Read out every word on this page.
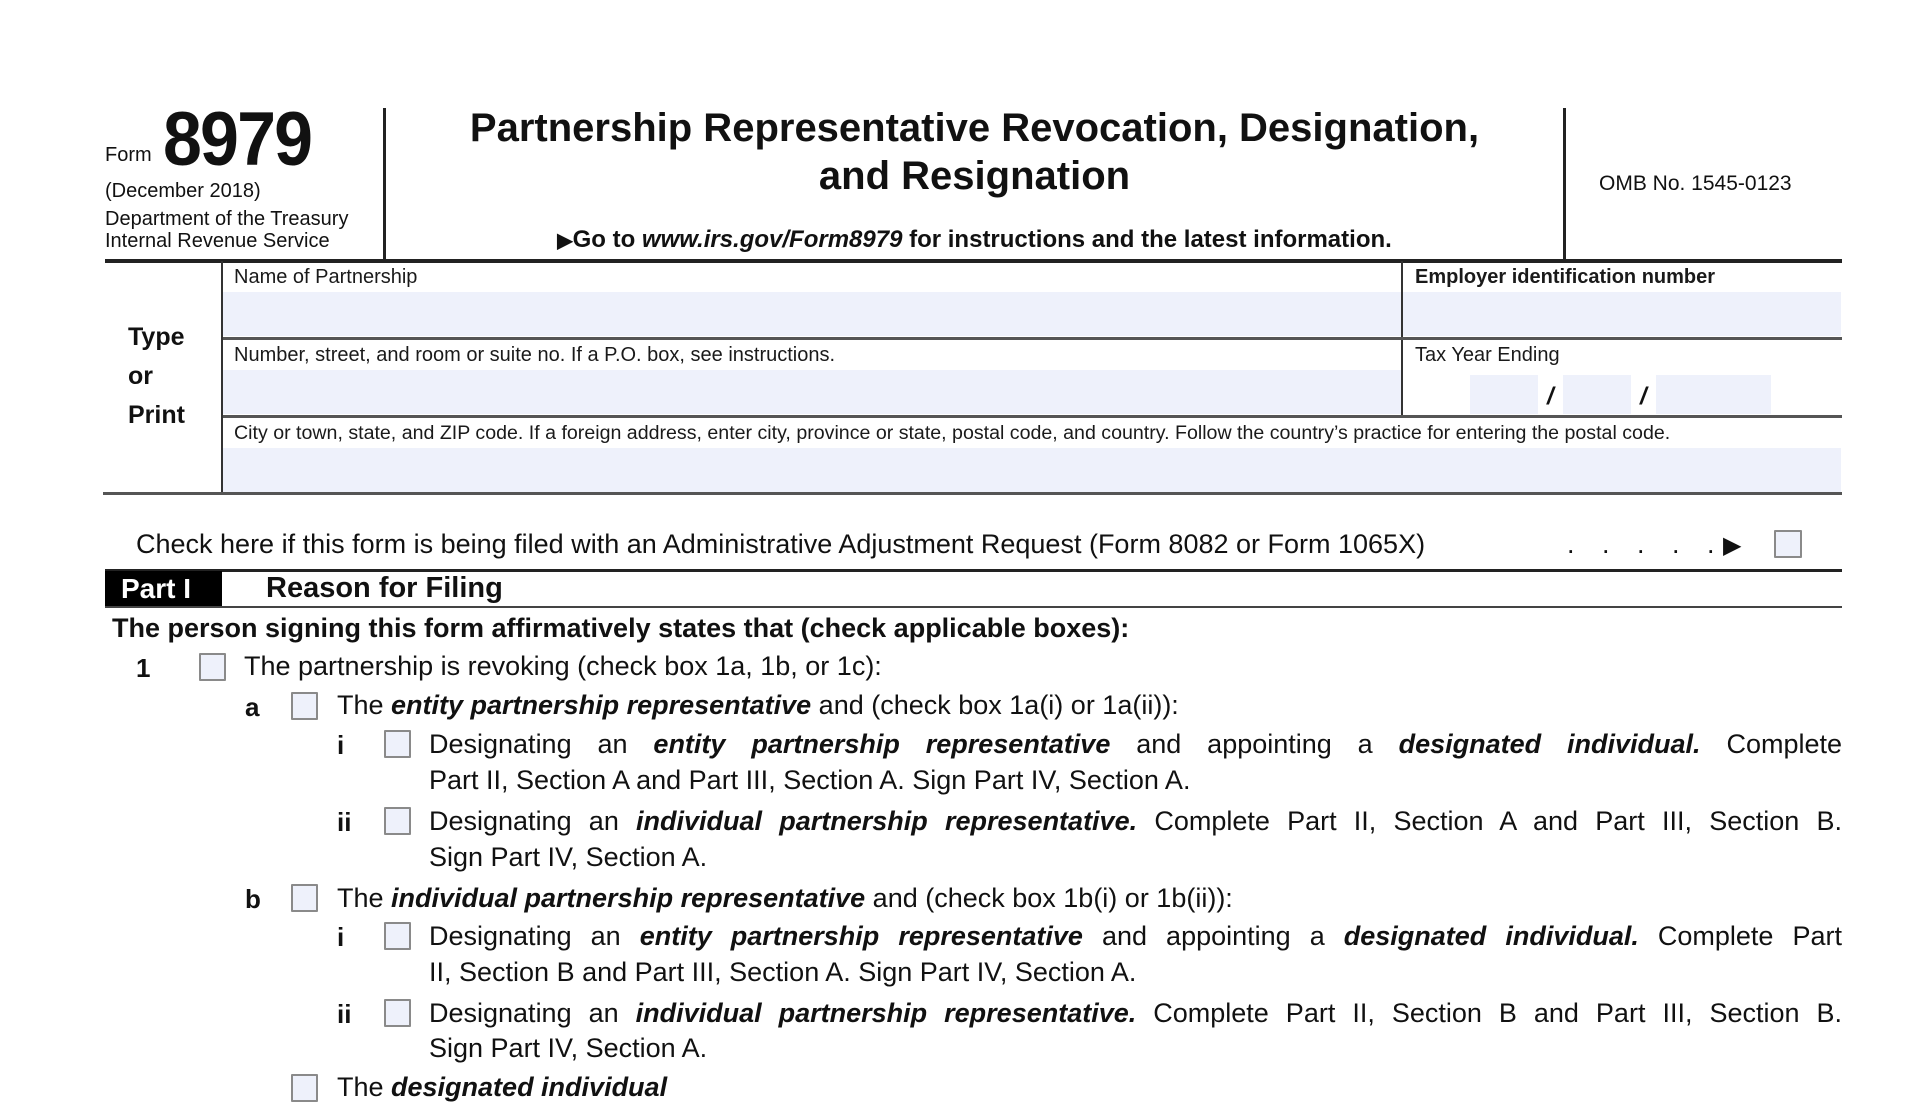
Form 8979
(December 2018)
Department of the Treasury
Internal Revenue Service
Partnership Representative Revocation, Designation,
and Resignation
▶Go to www.irs.gov/Form8979 for instructions and the latest information.
OMB No. 1545-0123
Type
or
Print
Name of Partnership	Employer identification number
Number, street, and room or suite no. If a P.O. box, see instructions.	Tax Year Ending
/	/
City or town, state, and ZIP code. If a foreign address, enter city, province or state, postal code, and country. Follow the country’s practice for entering the postal code.
Check here if this form is being filed with an Administrative Adjustment Request (Form 8082 or Form 1065X)	. . . . .
▶
Part I	Reason for Filing
The person signing this form affirmatively states that (check applicable boxes):
1	The partnership is revoking (check box 1a, 1b, or 1c):
a	The entity partnership representative and (check box 1a(i) or 1a(ii)):
i	Designating an entity partnership representative and appointing a designated individual. Complete
Part II, Section A and Part III, Section A. Sign Part IV, Section A.
ii	Designating an individual partnership representative. Complete Part II, Section A and Part III, Section B.
Sign Part IV, Section A.
b	The individual partnership representative and (check box 1b(i) or 1b(ii)):
i	Designating an entity partnership representative and appointing a designated individual. Complete Part
II, Section B and Part III, Section A. Sign Part IV, Section A.
ii	Designating an individual partnership representative. Complete Part II, Section B and Part III, Section B.
Sign Part IV, Section A.
The designated individual
